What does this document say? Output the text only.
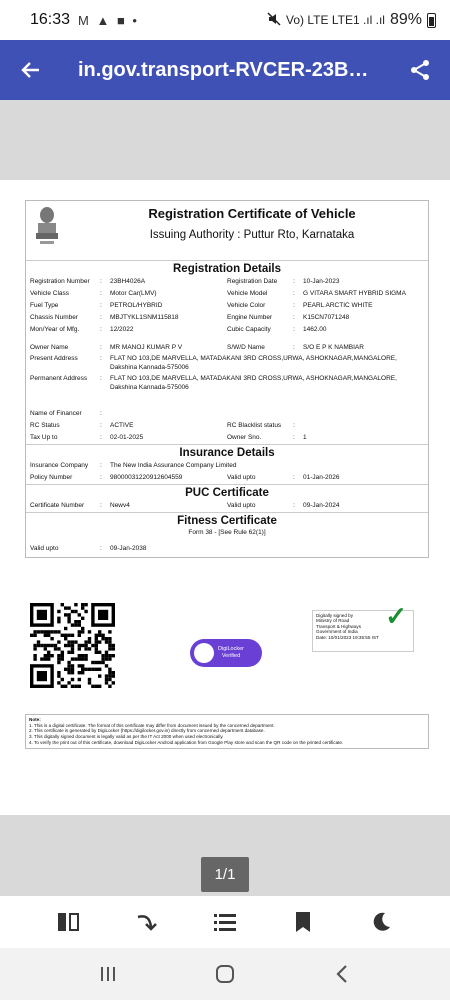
16:33 M ▲ ■ •	Vo) LTE LTE1 .ıl .ıl 89%
in.gov.transport-RVCER-23B…
Registration Certificate of Vehicle
Issuing Authority : Puttur Rto, Karnataka
Registration Details
Registration Number	:	23BH4026A	Registration Date	:	10-Jan-2023
Vehicle Class	:	Motor Car(LMV)	Vehicle Model	:	G VITARA SMART HYBRID SIGMA
Fuel Type	:	PETROL/HYBRID	Vehicle Color	:	PEARL ARCTIC WHITE
Chassis Number	:	MBJTYKL1SNM115818	Engine Number	:	K15CN7071248
Mon/Year of Mfg.	:	12/2022	Cubic Capacity	:	1462.00
Owner Name	:	MR MANOJ KUMAR P V	S/W/D Name	:	S/O E P K NAMBIAR
Present Address	:	FLAT NO 103,DE MARVELLA, MATADAKANI 3RD CROSS,URWA, ASHOKNAGAR,MANGALORE, Dakshina Kannada-575006
Permanent Address	:	FLAT NO 103,DE MARVELLA, MATADAKANI 3RD CROSS,URWA, ASHOKNAGAR,MANGALORE, Dakshina Kannada-575006
Name of Financer	:
RC Status	:	ACTIVE	RC Blacklist status	:
Tax Up to	:	02-01-2025	Owner Sno.	:	1
Insurance Details
Insurance Company	:	The New India Assurance Company Limited
Policy Number	:	98000031220912604559	Valid upto	:	01-Jan-2026
PUC Certificate
Certificate Number	:	Newv4	Valid upto	:	09-Jan-2024
Fitness Certificate
Form 38 - [See Rule 62(1)]
Valid upto	:	09-Jan-2038
DigiLocker
Verified
Digitally signed by
Ministry of Road
Transport & Highways
Government of India
Date: 10/01/2023 19:35:55 IST
✓
Note:
1. This is a digital certificate. The format of this certificate may differ from document issued by the concerned department.
2. This certificate is generated by DigiLocker (https://digilocker.gov.in) directly from concerned department database.
3. This digitally signed document is legally valid as per the IT Act 2000 when used electronically.
4. To verify the print out of this certificate, download DigiLocker Android application from Google Play store and scan the QR code on the printed certificate.
1/1
